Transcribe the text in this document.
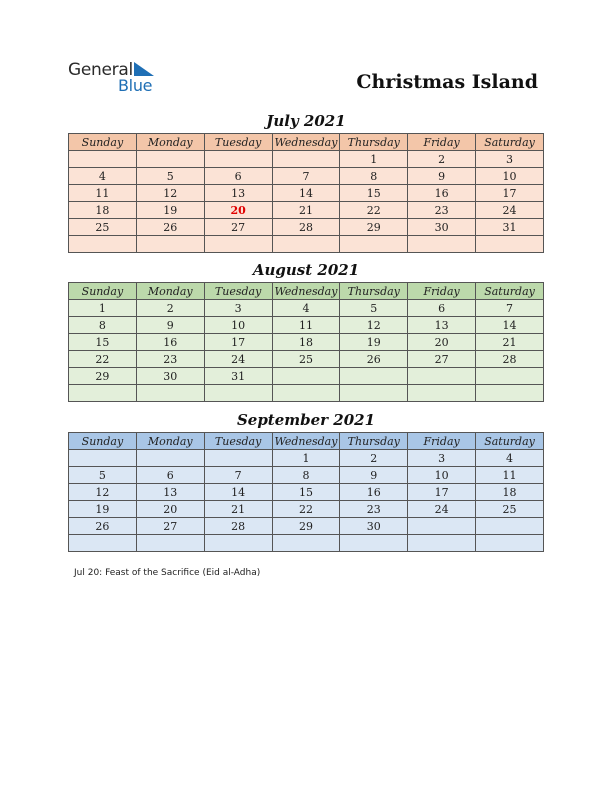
General
Blue	Christmas Island
July 2021
Sunday	Monday	Tuesday	Wednesday	Thursday	Friday	Saturday
				1	2	3
4	5	6	7	8	9	10
11	12	13	14	15	16	17
18	19	20	21	22	23	24
25	26	27	28	29	30	31

August 2021
Sunday	Monday	Tuesday	Wednesday	Thursday	Friday	Saturday
1	2	3	4	5	6	7
8	9	10	11	12	13	14
15	16	17	18	19	20	21
22	23	24	25	26	27	28
29	30	31				

September 2021
Sunday	Monday	Tuesday	Wednesday	Thursday	Friday	Saturday
			1	2	3	4
5	6	7	8	9	10	11
12	13	14	15	16	17	18
19	20	21	22	23	24	25
26	27	28	29	30		

Jul 20: Feast of the Sacrifice (Eid al-Adha)
